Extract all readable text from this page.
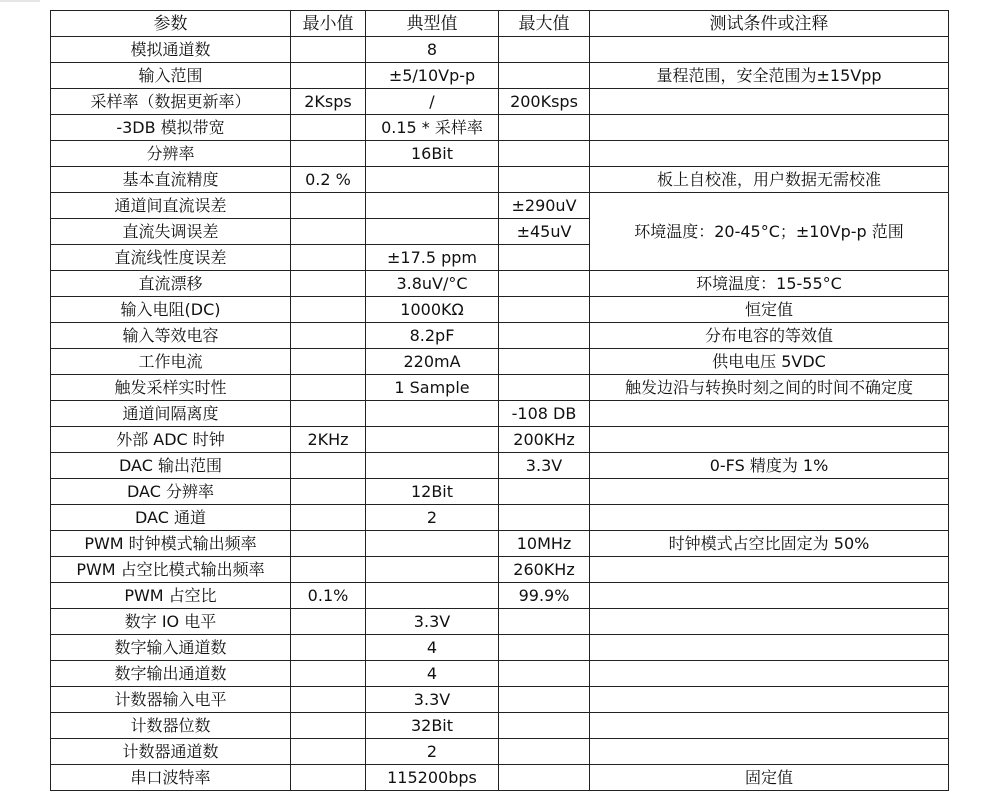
参数	最小值	典型值	最大值	测试条件或注释
模拟通道数		8		
输入范围		±5/10Vp-p		量程范围，安全范围为±15Vpp
采样率（数据更新率）	2Ksps	/	200Ksps	
-3DB 模拟带宽		0.15 * 采样率		
分辨率		16Bit		
基本直流精度	0.2 %			板上自校准，用户数据无需校准
通道间直流误差			±290uV	环境温度：20-45°C；±10Vp-p 范围
直流失调误差			±45uV	
直流线性度误差		±17.5 ppm		
直流漂移		3.8uV/°C		环境温度：15-55°C
输入电阻(DC)		1000KΩ		恒定值
输入等效电容		8.2pF		分布电容的等效值
工作电流		220mA		供电电压 5VDC
触发采样实时性		1 Sample		触发边沿与转换时刻之间的时间不确定度
通道间隔离度			-108 DB	
外部 ADC 时钟	2KHz		200KHz	
DAC 输出范围			3.3V	0-FS 精度为 1%
DAC 分辨率		12Bit		
DAC 通道		2		
PWM 时钟模式输出频率			10MHz	时钟模式占空比固定为 50%
PWM 占空比模式输出频率			260KHz	
PWM 占空比	0.1%		99.9%	
数字 IO 电平		3.3V		
数字输入通道数		4		
数字输出通道数		4		
计数器输入电平		3.3V		
计数器位数		32Bit		
计数器通道数		2		
串口波特率		115200bps		固定值
